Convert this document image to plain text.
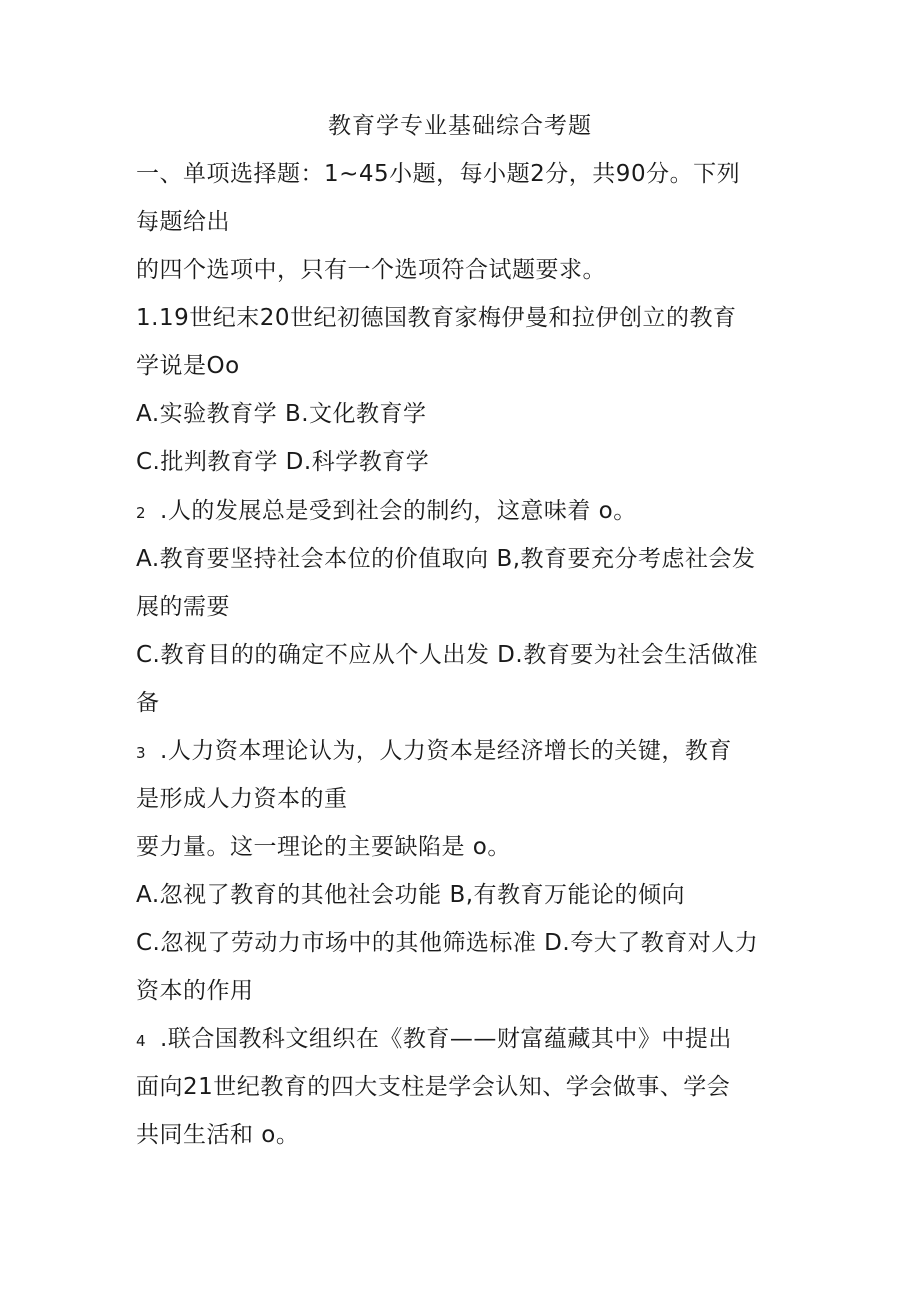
教育学专业基础综合考题
一、单项选择题：1~45小题，每小题2分，共90分。下列
每题给出
的四个选项中，只有一个选项符合试题要求。
1.19世纪末20世纪初德国教育家梅伊曼和拉伊创立的教育
学说是Oo
A.实验教育学 B.文化教育学
C.批判教育学 D.科学教育学
2 .人的发展总是受到社会的制约，这意味着 o。
A.教育要坚持社会本位的价值取向 B,教育要充分考虑社会发
展的需要
C.教育目的的确定不应从个人出发 D.教育要为社会生活做准
备
3 .人力资本理论认为，人力资本是经济增长的关键，教育
是形成人力资本的重
要力量。这一理论的主要缺陷是 o。
A.忽视了教育的其他社会功能 B,有教育万能论的倾向
C.忽视了劳动力市场中的其他筛选标准 D.夸大了教育对人力
资本的作用
4 .联合国教科文组织在《教育——财富蕴藏其中》中提出
面向21世纪教育的四大支柱是学会认知、学会做事、学会
共同生活和 o。
